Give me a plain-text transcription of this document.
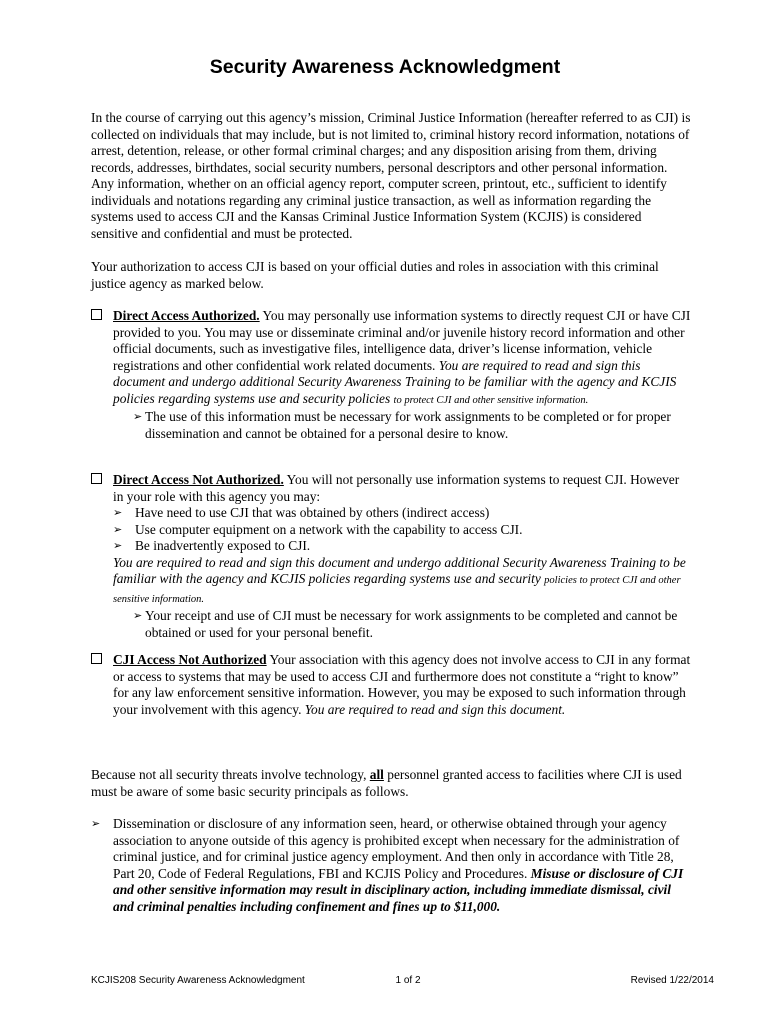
Security Awareness Acknowledgment

In the course of carrying out this agency’s mission, Criminal Justice Information (hereafter referred to as CJI) is collected on individuals that may include, but is not limited to, criminal history record information, notations of arrest, detention, release, or other formal criminal charges; and any disposition arising from them, driving records, addresses, birthdates, social security numbers, personal descriptors and other personal information. Any information, whether on an official agency report, computer screen, printout, etc., sufficient to identify individuals and notations regarding any criminal justice transaction, as well as information regarding the systems used to access CJI and the Kansas Criminal Justice Information System (KCJIS) is considered sensitive and confidential and must be protected.

Your authorization to access CJI is based on your official duties and roles in association with this criminal justice agency as marked below.

Direct Access Authorized. You may personally use information systems to directly request CJI or have CJI provided to you. You may use or disseminate criminal and/or juvenile history record information and other official documents, such as investigative files, intelligence data, driver’s license information, vehicle registrations and other confidential work related documents. You are required to read and sign this document and undergo additional Security Awareness Training to be familiar with the agency and KCJIS policies regarding systems use and security policies to protect CJI and other sensitive information.
➢ The use of this information must be necessary for work assignments to be completed or for proper dissemination and cannot be obtained for a personal desire to know.
Direct Access Not Authorized. You will not personally use information systems to request CJI. However in your role with this agency you may:
➢ Have need to use CJI that was obtained by others (indirect access)
➢ Use computer equipment on a network with the capability to access CJI.
➢ Be inadvertently exposed to CJI.
You are required to read and sign this document and undergo additional Security Awareness Training to be familiar with the agency and KCJIS policies regarding systems use and security policies to protect CJI and other sensitive information.
➢ Your receipt and use of CJI must be necessary for work assignments to be completed and cannot be obtained or used for your personal benefit.
CJI Access Not Authorized Your association with this agency does not involve access to CJI in any format or access to systems that may be used to access CJI and furthermore does not constitute a “right to know” for any law enforcement sensitive information. However, you may be exposed to such information through your involvement with this agency. You are required to read and sign this document.

Because not all security threats involve technology, all personnel granted access to facilities where CJI is used must be aware of some basic security principals as follows.

➢ Dissemination or disclosure of any information seen, heard, or otherwise obtained through your agency association to anyone outside of this agency is prohibited except when necessary for the administration of criminal justice, and for criminal justice agency employment. And then only in accordance with Title 28, Part 20, Code of Federal Regulations, FBI and KCJIS Policy and Procedures. Misuse or disclosure of CJI and other sensitive information may result in disciplinary action, including immediate dismissal, civil and criminal penalties including confinement and fines up to $11,000.
KCJIS208 Security Awareness Acknowledgment	1 of 2	Revised 1/22/2014
